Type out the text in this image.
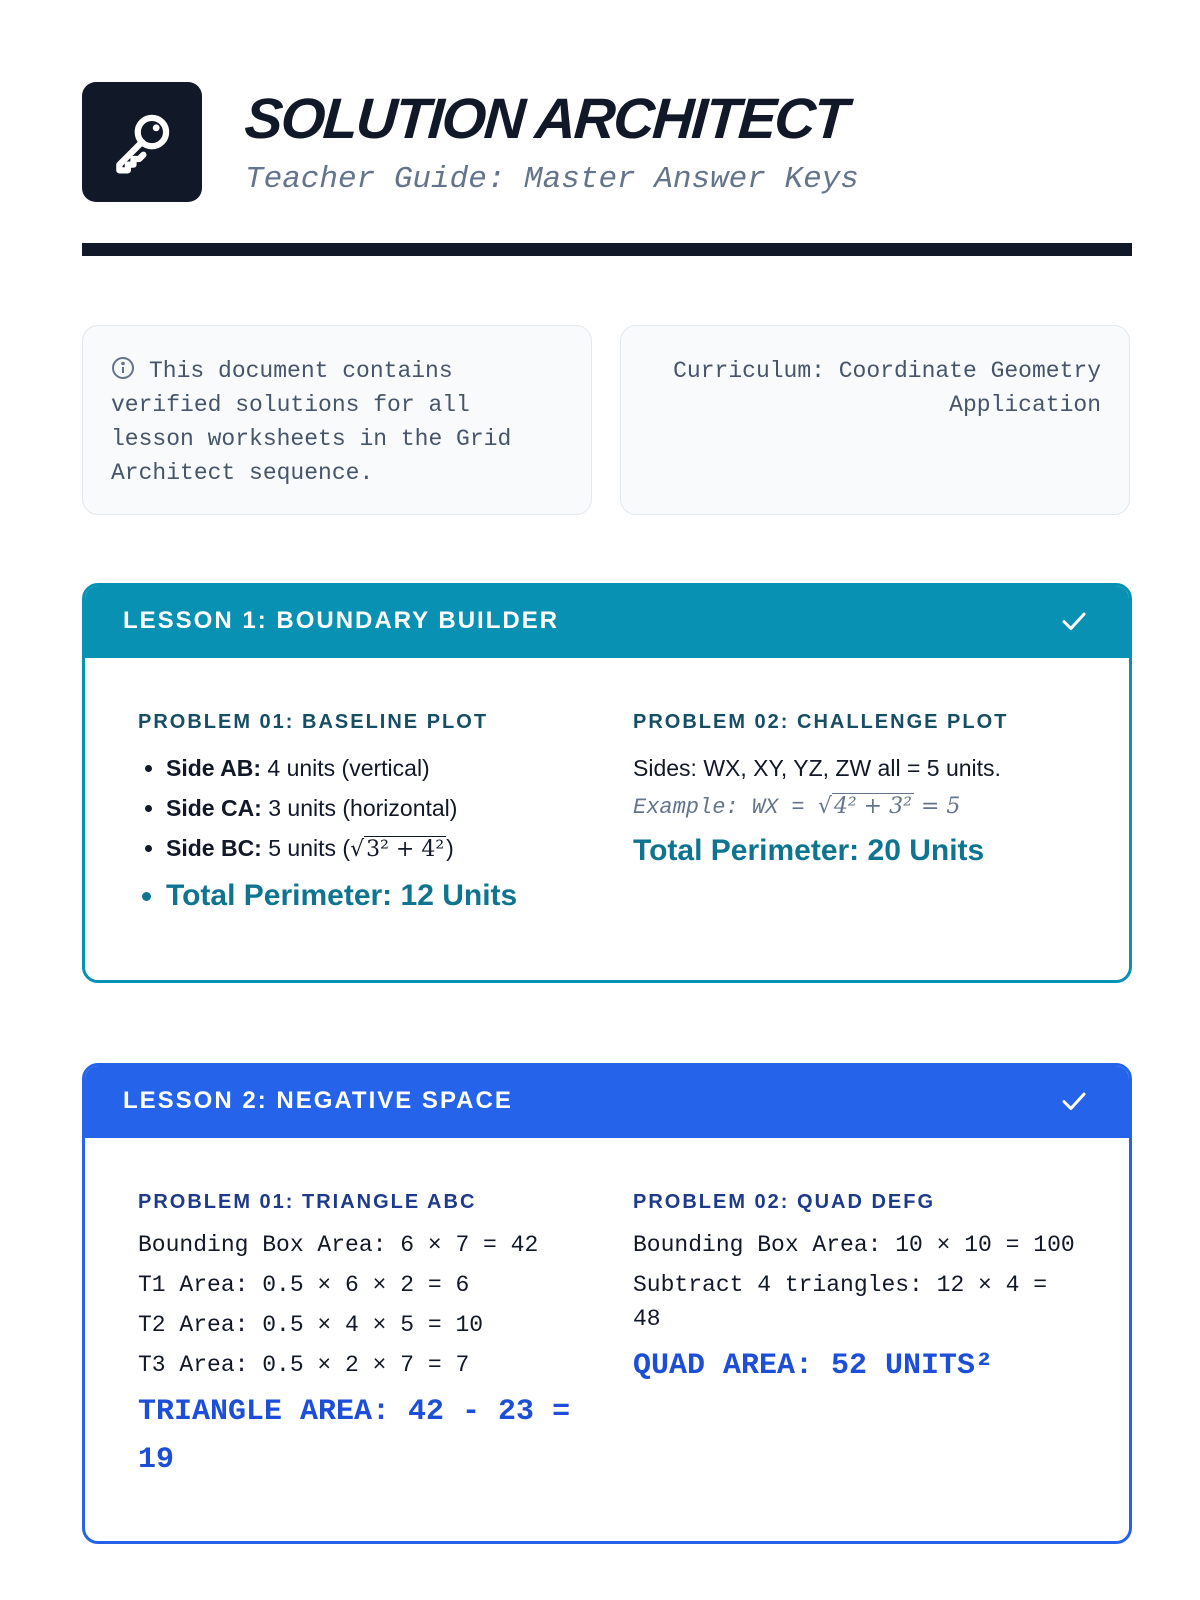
SOLUTION ARCHITECT
Teacher Guide: Master Answer Keys
This document contains verified solutions for all lesson worksheets in the Grid Architect sequence.
Curriculum: Coordinate Geometry Application
LESSON 1: BOUNDARY BUILDER
PROBLEM 01: BASELINE PLOT
• Side AB: 4 units (vertical)
• Side CA: 3 units (horizontal)
• Side BC: 5 units (√3² + 4²)
• Total Perimeter: 12 Units
PROBLEM 02: CHALLENGE PLOT
Sides: WX, XY, YZ, ZW all = 5 units.
Example: WX = √4² + 3² = 5
Total Perimeter: 20 Units
LESSON 2: NEGATIVE SPACE
PROBLEM 01: TRIANGLE ABC
Bounding Box Area: 6 × 7 = 42
T1 Area: 0.5 × 6 × 2 = 6
T2 Area: 0.5 × 4 × 5 = 10
T3 Area: 0.5 × 2 × 7 = 7
TRIANGLE AREA: 42 - 23 = 19
PROBLEM 02: QUAD DEFG
Bounding Box Area: 10 × 10 = 100
Subtract 4 triangles: 12 × 4 = 48
QUAD AREA: 52 UNITS²
